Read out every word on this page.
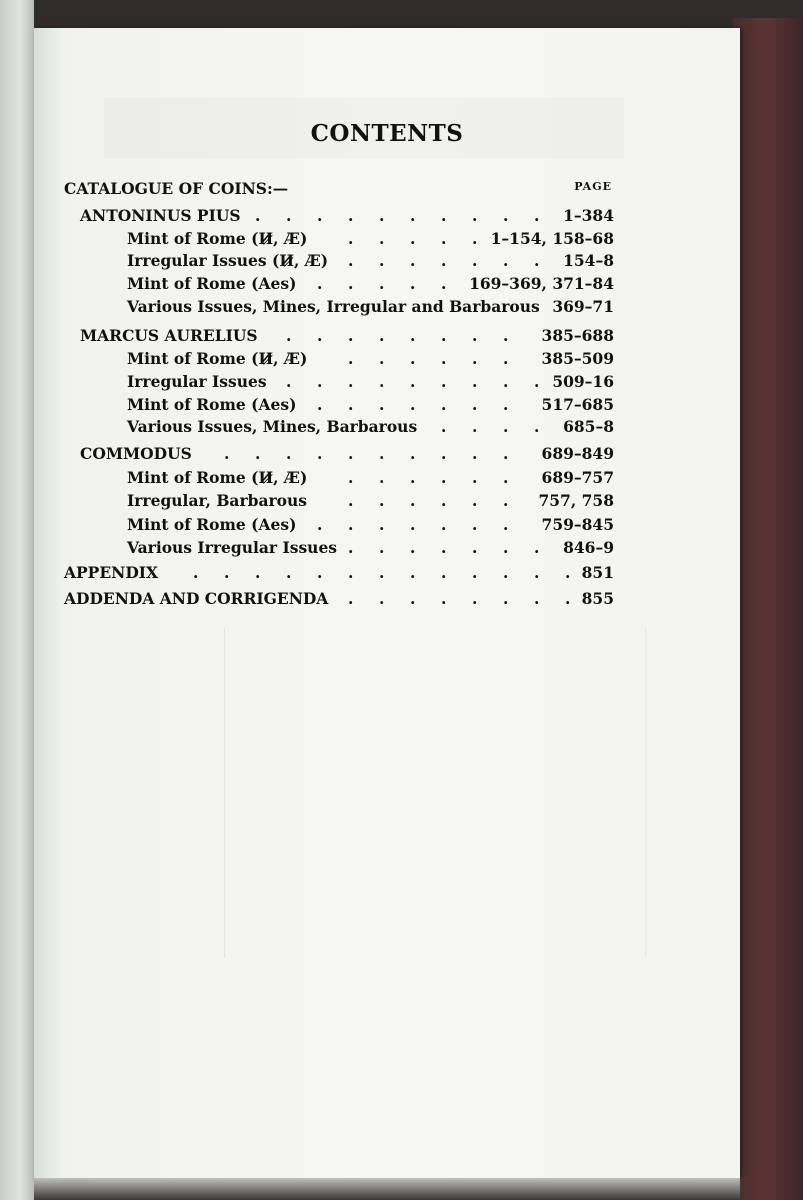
CONTENTS
PAGE
CATALOGUE OF COINS:—
ANTONINUS PIUS	1–384
. . . . . . . . . .
Mint of Rome (И̷, Æ)	1–154, 158–68
. . . . .
Irregular Issues (И̷, Æ)	154–8
. . . . . . .
Mint of Rome (Aes)	169–369, 371–84
. . . . .
Various Issues, Mines, Irregular and Barbarous 369–71
MARCUS AURELIUS	385–688
. . . . . . . .
Mint of Rome (И̷, Æ)	385–509
. . . . . .
Irregular Issues	509–16
. . . . . . . . .
Mint of Rome (Aes)	517–685
. . . . . . .
Various Issues, Mines, Barbarous	685–8
. . . .
COMMODUS	689–849
. . . . . . . . . .
Mint of Rome (И̷, Æ)	689–757
. . . . . .
Irregular, Barbarous	757, 758
. . . . . .
Mint of Rome (Aes)	759–845
. . . . . . .
Various Irregular Issues	846–9
. . . . . . .
APPENDIX	851
. . . . . . . . . . . . .
ADDENDA AND CORRIGENDA	855
. . . . . . . .
